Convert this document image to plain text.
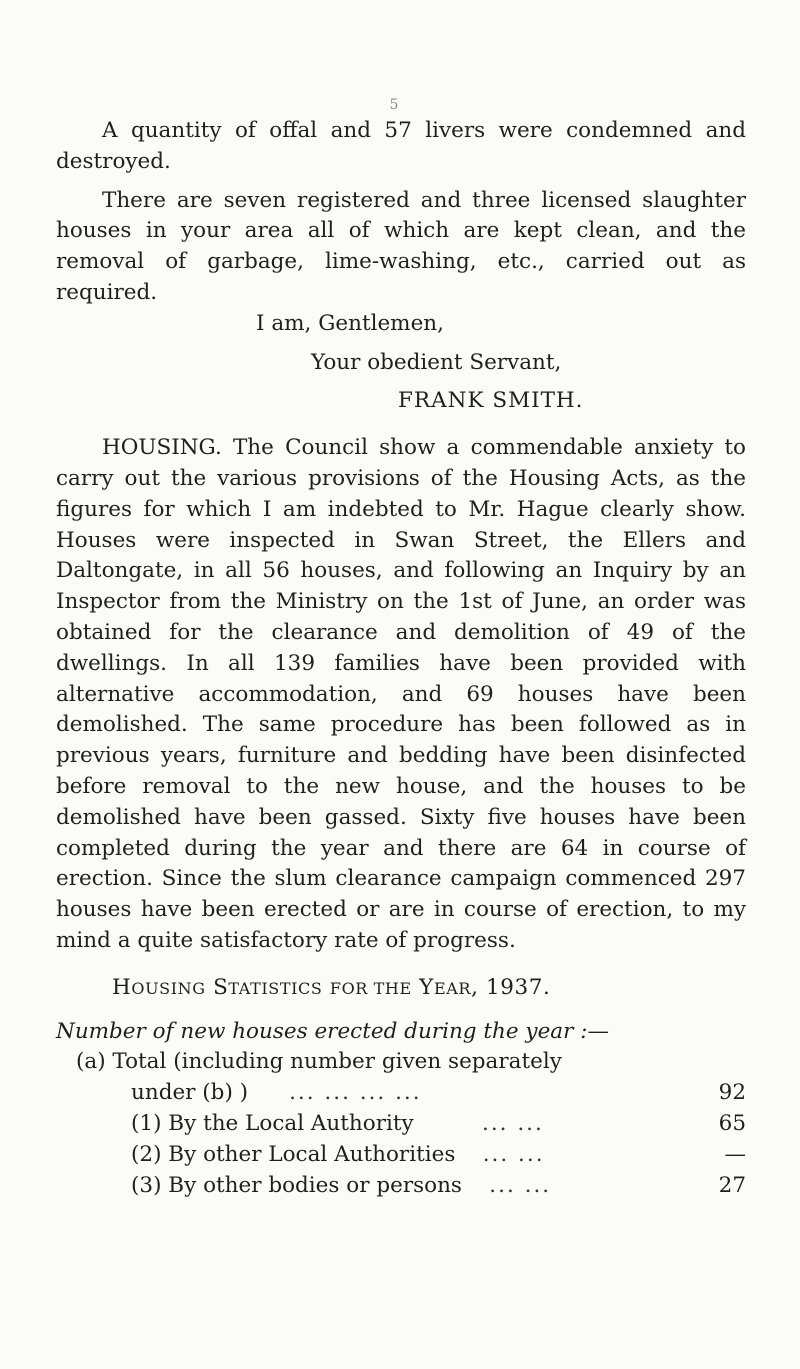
5

A quantity of offal and 57 livers were condemned and destroyed.

There are seven registered and three licensed slaughter houses in your area all of which are kept clean, and the removal of garbage, lime-washing, etc., carried out as required.

I am, Gentlemen,

Your obedient Servant,

FRANK SMITH.

HOUSING. The Council show a commendable anxiety to carry out the various provisions of the Housing Acts, as the figures for which I am indebted to Mr. Hague clearly show. Houses were inspected in Swan Street, the Ellers and Daltongate, in all 56 houses, and following an Inquiry by an Inspector from the Ministry on the 1st of June, an order was obtained for the clearance and demolition of 49 of the dwellings. In all 139 families have been provided with alternative accommodation, and 69 houses have been demolished. The same procedure has been followed as in previous years, furniture and bedding have been disinfected before removal to the new house, and the houses to be demolished have been gassed. Sixty five houses have been completed during the year and there are 64 in course of erection. Since the slum clearance campaign commenced 297 houses have been erected or are in course of erection, to my mind a quite satisfactory rate of progress.

HOUSING STATISTICS FOR THE YEAR, 1937.

Number of new houses erected during the year :—

(a) Total (including number given separately
under (b) ) ... ... ... ...	92
(1) By the Local Authority	... ...	65
(2) By other Local Authorities ... ...	—
(3) By other bodies or persons ... ...	27
